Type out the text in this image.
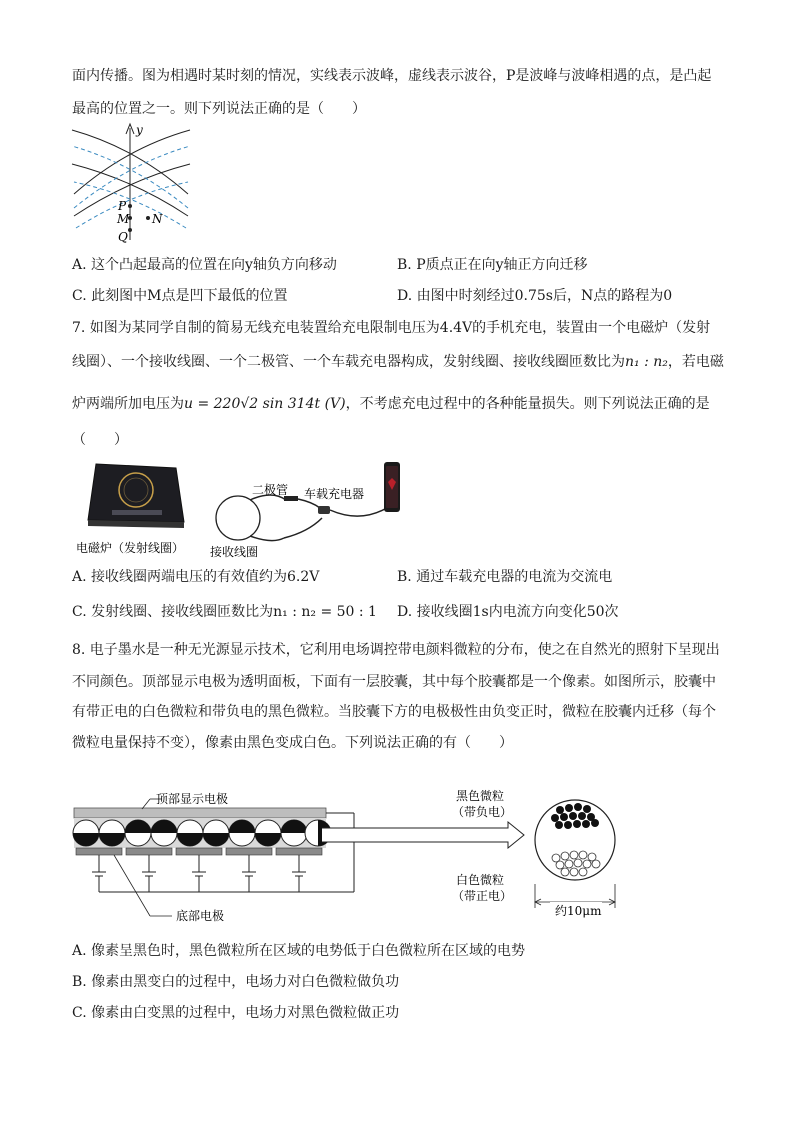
面内传播。图为相遇时某时刻的情况，实线表示波峰，虚线表示波谷，P是波峰与波峰相遇的点，是凸起
最高的位置之一。则下列说法正确的是（　　）
y
P
M N
Q
A. 这个凸起最高的位置在向y轴负方向移动	B. P质点正在向y轴正方向迁移
C. 此刻图中M点是凹下最低的位置	D. 由图中时刻经过0.75s后，N点的路程为0
7. 如图为某同学自制的简易无线充电装置给充电限制电压为4.4V的手机充电，装置由一个电磁炉（发射
线圈）、一个接收线圈、一个二极管、一个车载充电器构成，发射线圈、接收线圈匝数比为n₁ : n₂，若电磁
炉两端所加电压为u = 220√2 sin 314t (V)，不考虑充电过程中的各种能量损失。则下列说法正确的是
（　　）
二极管 车载充电器
电磁炉（发射线圈） 接收线圈
A. 接收线圈两端电压的有效值约为6.2V	B. 通过车载充电器的电流为交流电
C. 发射线圈、接收线圈匝数比为n₁ : n₂ = 50 : 1 D. 接收线圈1s内电流方向变化50次
8. 电子墨水是一种无光源显示技术，它利用电场调控带电颜料微粒的分布，使之在自然光的照射下呈现出
不同颜色。顶部显示电极为透明面板，下面有一层胶囊，其中每个胶囊都是一个像素。如图所示，胶囊中
有带正电的白色微粒和带负电的黑色微粒。当胶囊下方的电极极性由负变正时，微粒在胶囊内迁移（每个
微粒电量保持不变），像素由黑色变成白色。下列说法正确的有（　　）
顶部显示电极
底部电极
黑色微粒
（带负电）
白色微粒
（带正电）
约10μm
A. 像素呈黑色时，黑色微粒所在区域的电势低于白色微粒所在区域的电势
B. 像素由黑变白的过程中，电场力对白色微粒做负功
C. 像素由白变黑的过程中，电场力对黑色微粒做正功
